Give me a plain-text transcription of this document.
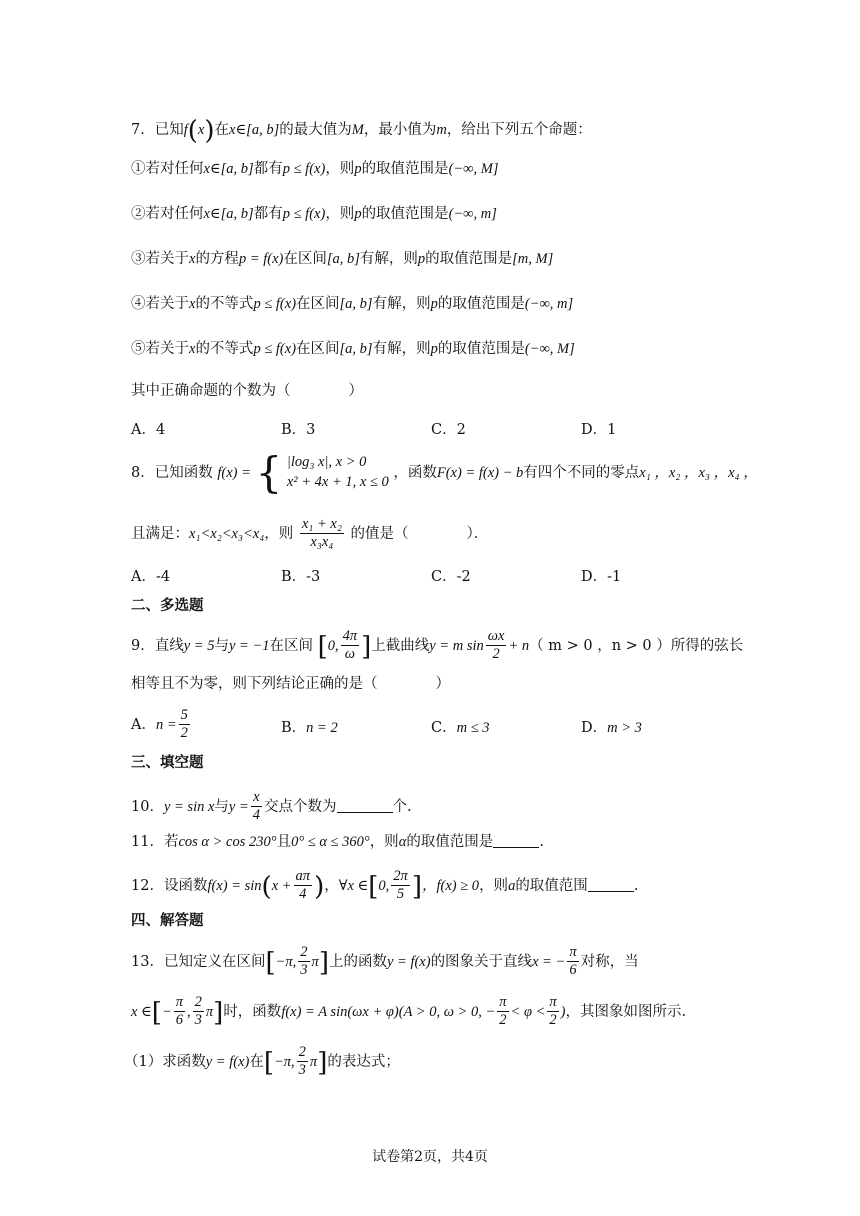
7．已知f(x)在x∈[a, b]的最大值为M，最小值为m，给出下列五个命题：
①若对任何x∈[a, b]都有p ≤ f(x)，则p的取值范围是(−∞, M]
②若对任何x∈[a, b]都有p ≤ f(x)，则p的取值范围是(−∞, m]
③若关于x的方程p = f(x)在区间[a, b]有解，则p的取值范围是[m, M]
④若关于x的不等式p ≤ f(x)在区间[a, b]有解，则p的取值范围是(−∞, m]
⑤若关于x的不等式p ≤ f(x)在区间[a, b]有解，则p的取值范围是(−∞, M]
其中正确命题的个数为（　　　　）
A．4	B．3	C．2	D．1
8．已知函数 f(x) = { |log₃ x|, x > 0
x² + 4x + 1, x ≤ 0
，函数F(x) = f(x) − b有四个不同的零点x₁ ，x₂ ，x₃ ，x₄ ，
且满足：x₁<x₂<x₃<x₄，则 $\frac{\text{x₁ + x₂}}{\text{x₃x₄}}$ 的值是（　　　　）．
A．-4	B．-3	C．-2	D．-1
二、多选题
9．直线y = 5与y = −1在区间 [0, $\frac{4\pi}{\omega}$ ]上截曲线y = m $\sin \frac{\omega x}{2} + n$（ m > 0 ，n > 0 ）所得的弦长
相等且不为零，则下列结论正确的是（　　　　）
A．$n = \frac{5}{2}$	B．n = 2	C．m ≤ 3	D．m > 3
三、填空题
10．y = sin x与$y = \frac{x}{4}$ 交点个数为	个.
11．若cos α > cos 230°且0° ≤ α ≤ 360°，则α的取值范围是	.
12．设函数$f(x) = \sin(x + \frac{a\pi}{4}$ )，∀x ∈[0, $\frac{2\pi}{5}$ ]，f(x) ≥ 0，则a的取值范围	.
四、解答题
13．已知定义在区间[−π, $\frac{2}{3} \pi$]上的函数y = f(x)的图象关于直线x = − $\frac{\pi}{6}$ 对称，当
x ∈[− $\frac{\pi}{6}$ , $\frac{2}{3} \pi$]时，函数f(x) = A sin(ωx + φ)(A > 0, ω > 0, − $\frac{\pi}{2} < \varphi < \frac{\pi}{2}$ )，其图象如图所示.
（1）求函数y = f(x)在[−π, $\frac{2}{3} \pi$]的表达式；
试卷第2页，共4页
